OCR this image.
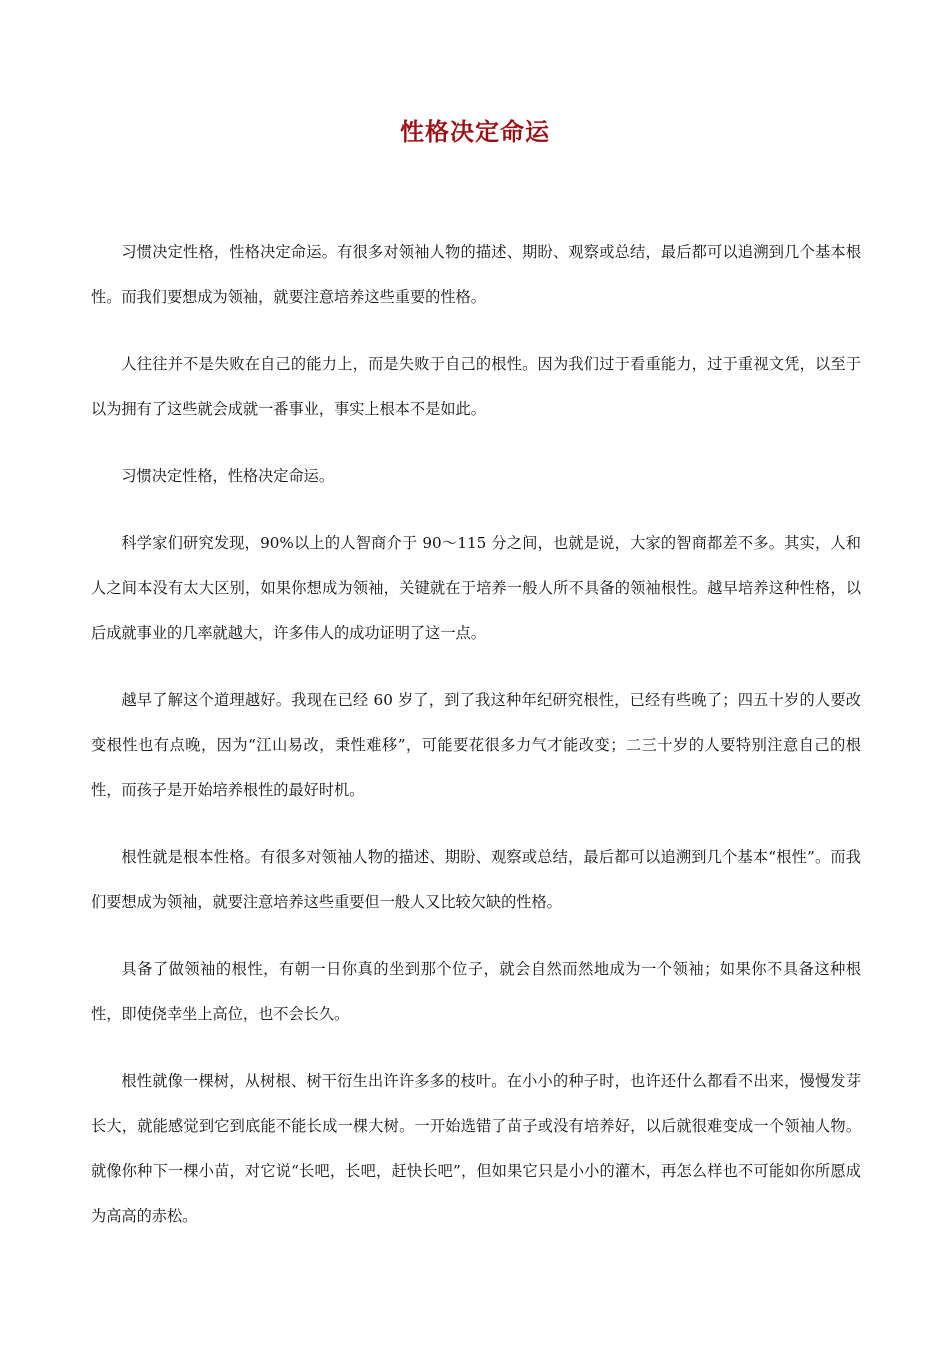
性格决定命运

习惯决定性格，性格决定命运。有很多对领袖人物的描述、期盼、观察或总结，最后都可以追溯到几个基本根性。而我们要想成为领袖，就要注意培养这些重要的性格。

人往往并不是失败在自己的能力上，而是失败于自己的根性。因为我们过于看重能力，过于重视文凭，以至于以为拥有了这些就会成就一番事业，事实上根本不是如此。

习惯决定性格，性格决定命运。

科学家们研究发现，90%以上的人智商介于 90～115 分之间，也就是说，大家的智商都差不多。其实，人和人之间本没有太大区别，如果你想成为领袖，关键就在于培养一般人所不具备的领袖根性。越早培养这种性格，以后成就事业的几率就越大，许多伟人的成功证明了这一点。

越早了解这个道理越好。我现在已经 60 岁了，到了我这种年纪研究根性，已经有些晚了；四五十岁的人要改变根性也有点晚，因为“江山易改，秉性难移”，可能要花很多力气才能改变；二三十岁的人要特别注意自己的根性，而孩子是开始培养根性的最好时机。

根性就是根本性格。有很多对领袖人物的描述、期盼、观察或总结，最后都可以追溯到几个基本“根性”。而我们要想成为领袖，就要注意培养这些重要但一般人又比较欠缺的性格。

具备了做领袖的根性，有朝一日你真的坐到那个位子，就会自然而然地成为一个领袖；如果你不具备这种根性，即使侥幸坐上高位，也不会长久。

根性就像一棵树，从树根、树干衍生出许许多多的枝叶。在小小的种子时，也许还什么都看不出来，慢慢发芽长大，就能感觉到它到底能不能长成一棵大树。一开始选错了苗子或没有培养好，以后就很难变成一个领袖人物。就像你种下一棵小苗，对它说“长吧，长吧，赶快长吧”，但如果它只是小小的灌木，再怎么样也不可能如你所愿成为高高的赤松。
